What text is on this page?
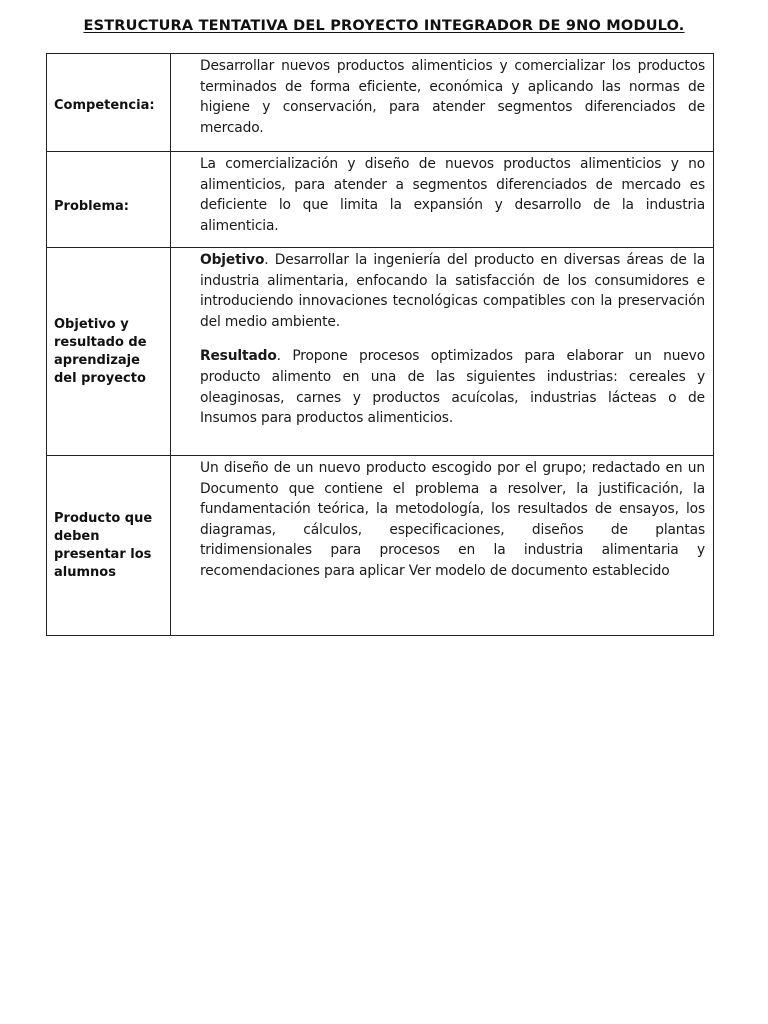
ESTRUCTURA TENTATIVA DEL PROYECTO INTEGRADOR DE 9NO MODULO.
Competencia:	Desarrollar nuevos productos alimenticios y comercializar los productos terminados de forma eficiente, económica y aplicando las normas de higiene y conservación, para atender segmentos diferenciados de mercado.

Problema:	La comercialización y diseño de nuevos productos alimenticios y no alimenticios, para atender a segmentos diferenciados de mercado es deficiente lo que limita la expansión y desarrollo de la industria alimenticia.

Objetivo y resultado de aprendizaje del proyecto	Objetivo. Desarrollar la ingeniería del producto en diversas áreas de la industria alimentaria, enfocando la satisfacción de los consumidores e introduciendo innovaciones tecnológicas compatibles con la preservación del medio ambiente.

Resultado. Propone procesos optimizados para elaborar un nuevo producto alimento en una de las siguientes industrias: cereales y oleaginosas, carnes y productos acuícolas, industrias lácteas o de Insumos para productos alimenticios.

Producto que deben presentar los alumnos	Un diseño de un nuevo producto escogido por el grupo; redactado en un Documento que contiene el problema a resolver, la justificación, la fundamentación teórica, la metodología, los resultados de ensayos, los diagramas, cálculos, especificaciones, diseños de plantas tridimensionales para procesos en la industria alimentaria y recomendaciones para aplicar Ver modelo de documento establecido
